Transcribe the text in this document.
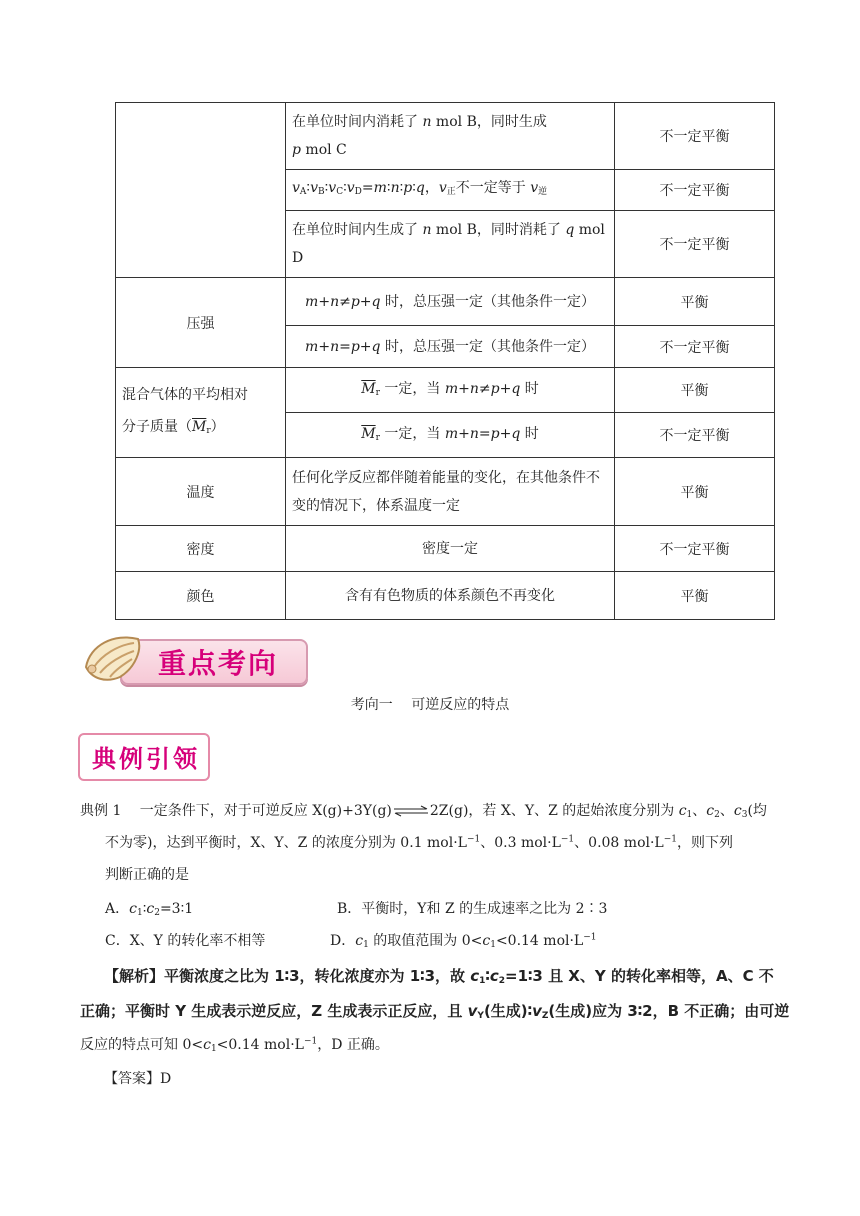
	在单位时间内消耗了 n mol B，同时生成
p mol C	不一定平衡
	$v_A∶v_B∶v_C∶v_D=m∶n∶p∶q$，$v_正$不一定等于 $v_逆$	不一定平衡
	在单位时间内生成了 n mol B，同时消耗了 q mol
D	不一定平衡
压强	m+n≠p+q 时，总压强一定（其他条件一定）	平衡
	m+n=p+q 时，总压强一定（其他条件一定）	不一定平衡
混合气体的平均相对
分子质量$(\overline{M}_r)$	$\overline{M}_r$ 一定，当 m+n≠p+q 时	平衡
	$\overline{M}_r$ 一定，当 m+n=p+q 时	不一定平衡
温度	任何化学反应都伴随着能量的变化，在其他条件不变的情况下，体系温度一定	平衡
密度	密度一定	不一定平衡
颜色	含有有色物质的体系颜色不再变化	平衡
重点考向
考向一　 可逆反应的特点
典例引领
典例 1　 一定条件下，对于可逆反应 X(g)+3Y(g)⇌2Z(g)，若 X、Y、Z 的起始浓度分别为 $c_1$、$c_2$、$c_3$(均
不为零)，达到平衡时，X、Y、Z 的浓度分别为 0.1 $mol\cdot L^{-1}$、0.3 $mol\cdot L^{-1}$、0.08 $mol\cdot L^{-1}$，则下列
判断正确的是
A．$c_1∶c_2=3∶1$	B．平衡时，Y和 Z 的生成速率之比为 2∶3
C．X、Y 的转化率不相等	D．$c_1$ 的取值范围为 $0<c_1<0.14$ $mol\cdot L^{-1}$
【解析】平衡浓度之比为 1∶3，转化浓度亦为 1∶3，故 $c_1∶c_2=1∶3$ 且 X、Y 的转化率相等，A、C 不
正确；平衡时 Y 生成表示逆反应，Z 生成表示正反应，且 $v_Y$(生成)$∶v_Z$(生成)应为 3∶2，B 不正确；由可逆
反应的特点可知 $0<c_1<0.14$ $mol\cdot L^{-1}$，D 正确。
【答案】D
